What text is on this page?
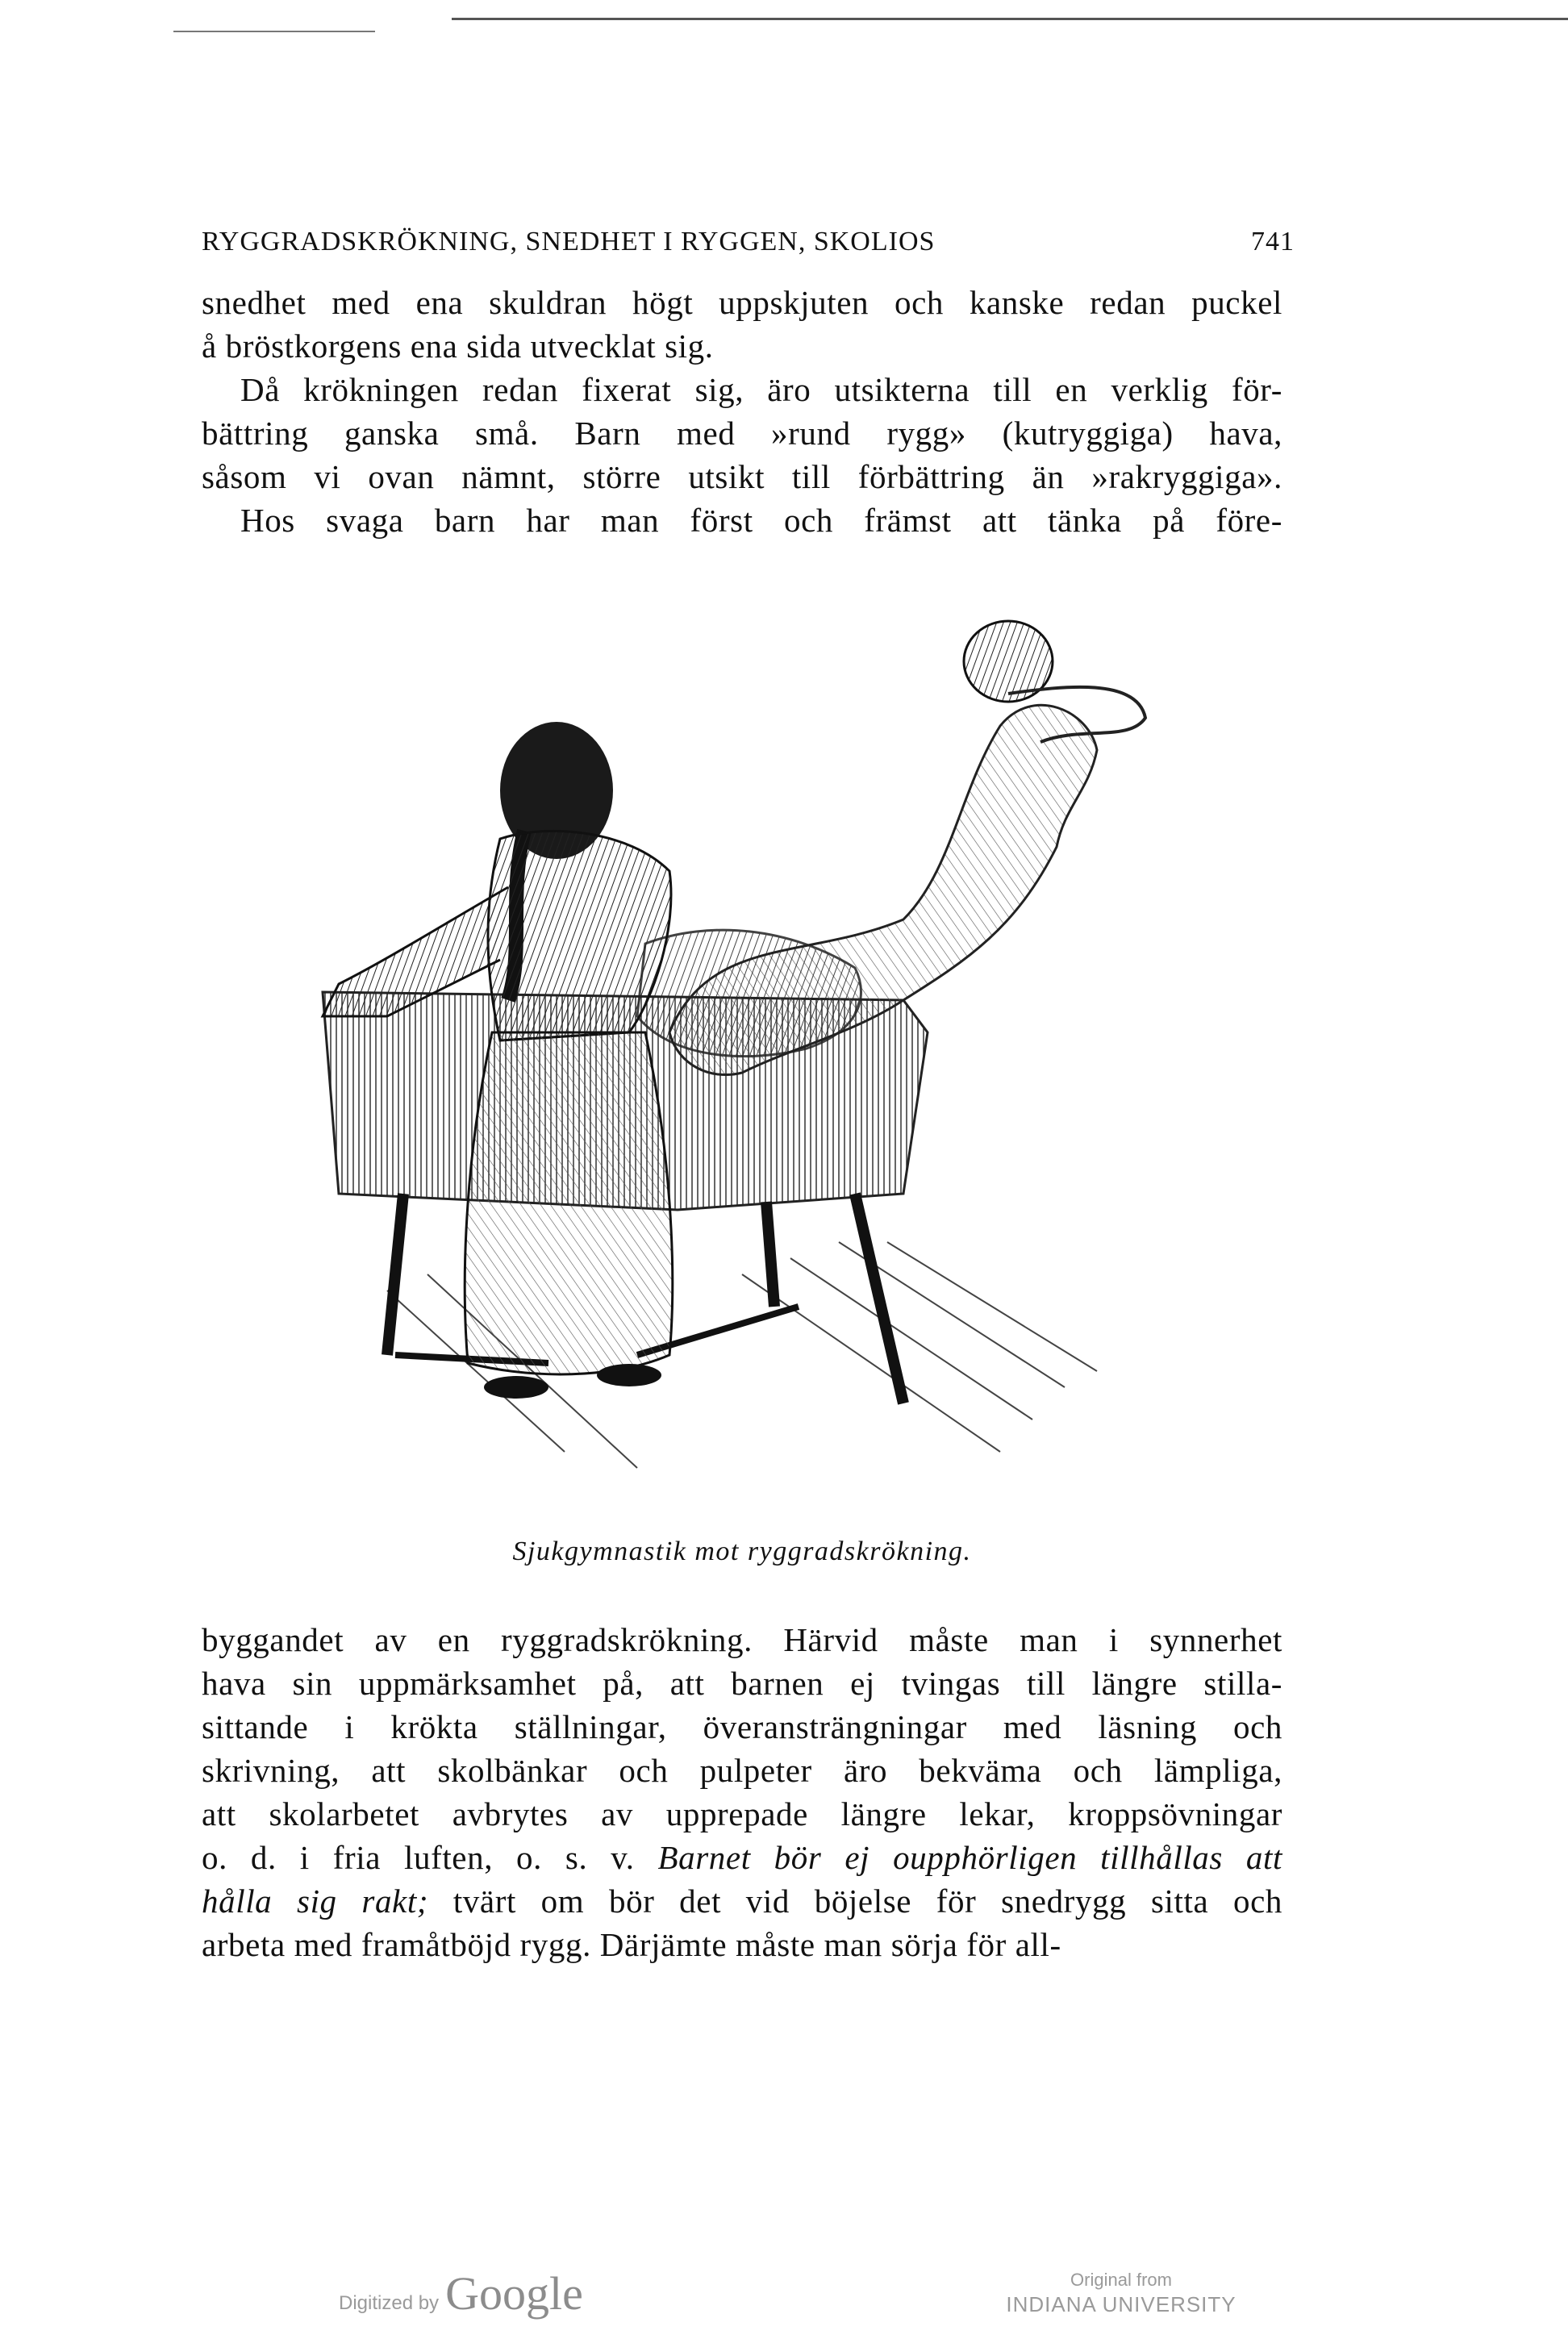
RYGGRADSKRÖKNING, SNEDHET I RYGGEN, SKOLIOS	741

snedhet med ena skuldran högt uppskjuten och kanske redan puckel
å bröstkorgens ena sida utvecklat sig.

Då krökningen redan fixerat sig, äro utsikterna till en verklig för-
bättring ganska små. Barn med »rund rygg» (kutryggiga) hava,
såsom vi ovan nämnt, större utsikt till förbättring än »rakryggiga».

Hos svaga barn har man först och främst att tänka på före-

Sjukgymnastik mot ryggradskrökning.

byggandet av en ryggradskrökning. Härvid måste man i synnerhet
hava sin uppmärksamhet på, att barnen ej tvingas till längre stilla-
sittande i krökta ställningar, överansträngningar med läsning och
skrivning, att skolbänkar och pulpeter äro bekväma och lämpliga,
att skolarbetet avbrytes av upprepade längre lekar, kroppsövningar
o. d. i fria luften, o. s. v. Barnet bör ej oupphörligen tillhållas att
hålla sig rakt; tvärt om bör det vid böjelse för snedrygg sitta och
arbeta med framåtböjd rygg. Därjämte måste man sörja för all-

Digitized by Google	Original from
INDIANA UNIVERSITY
